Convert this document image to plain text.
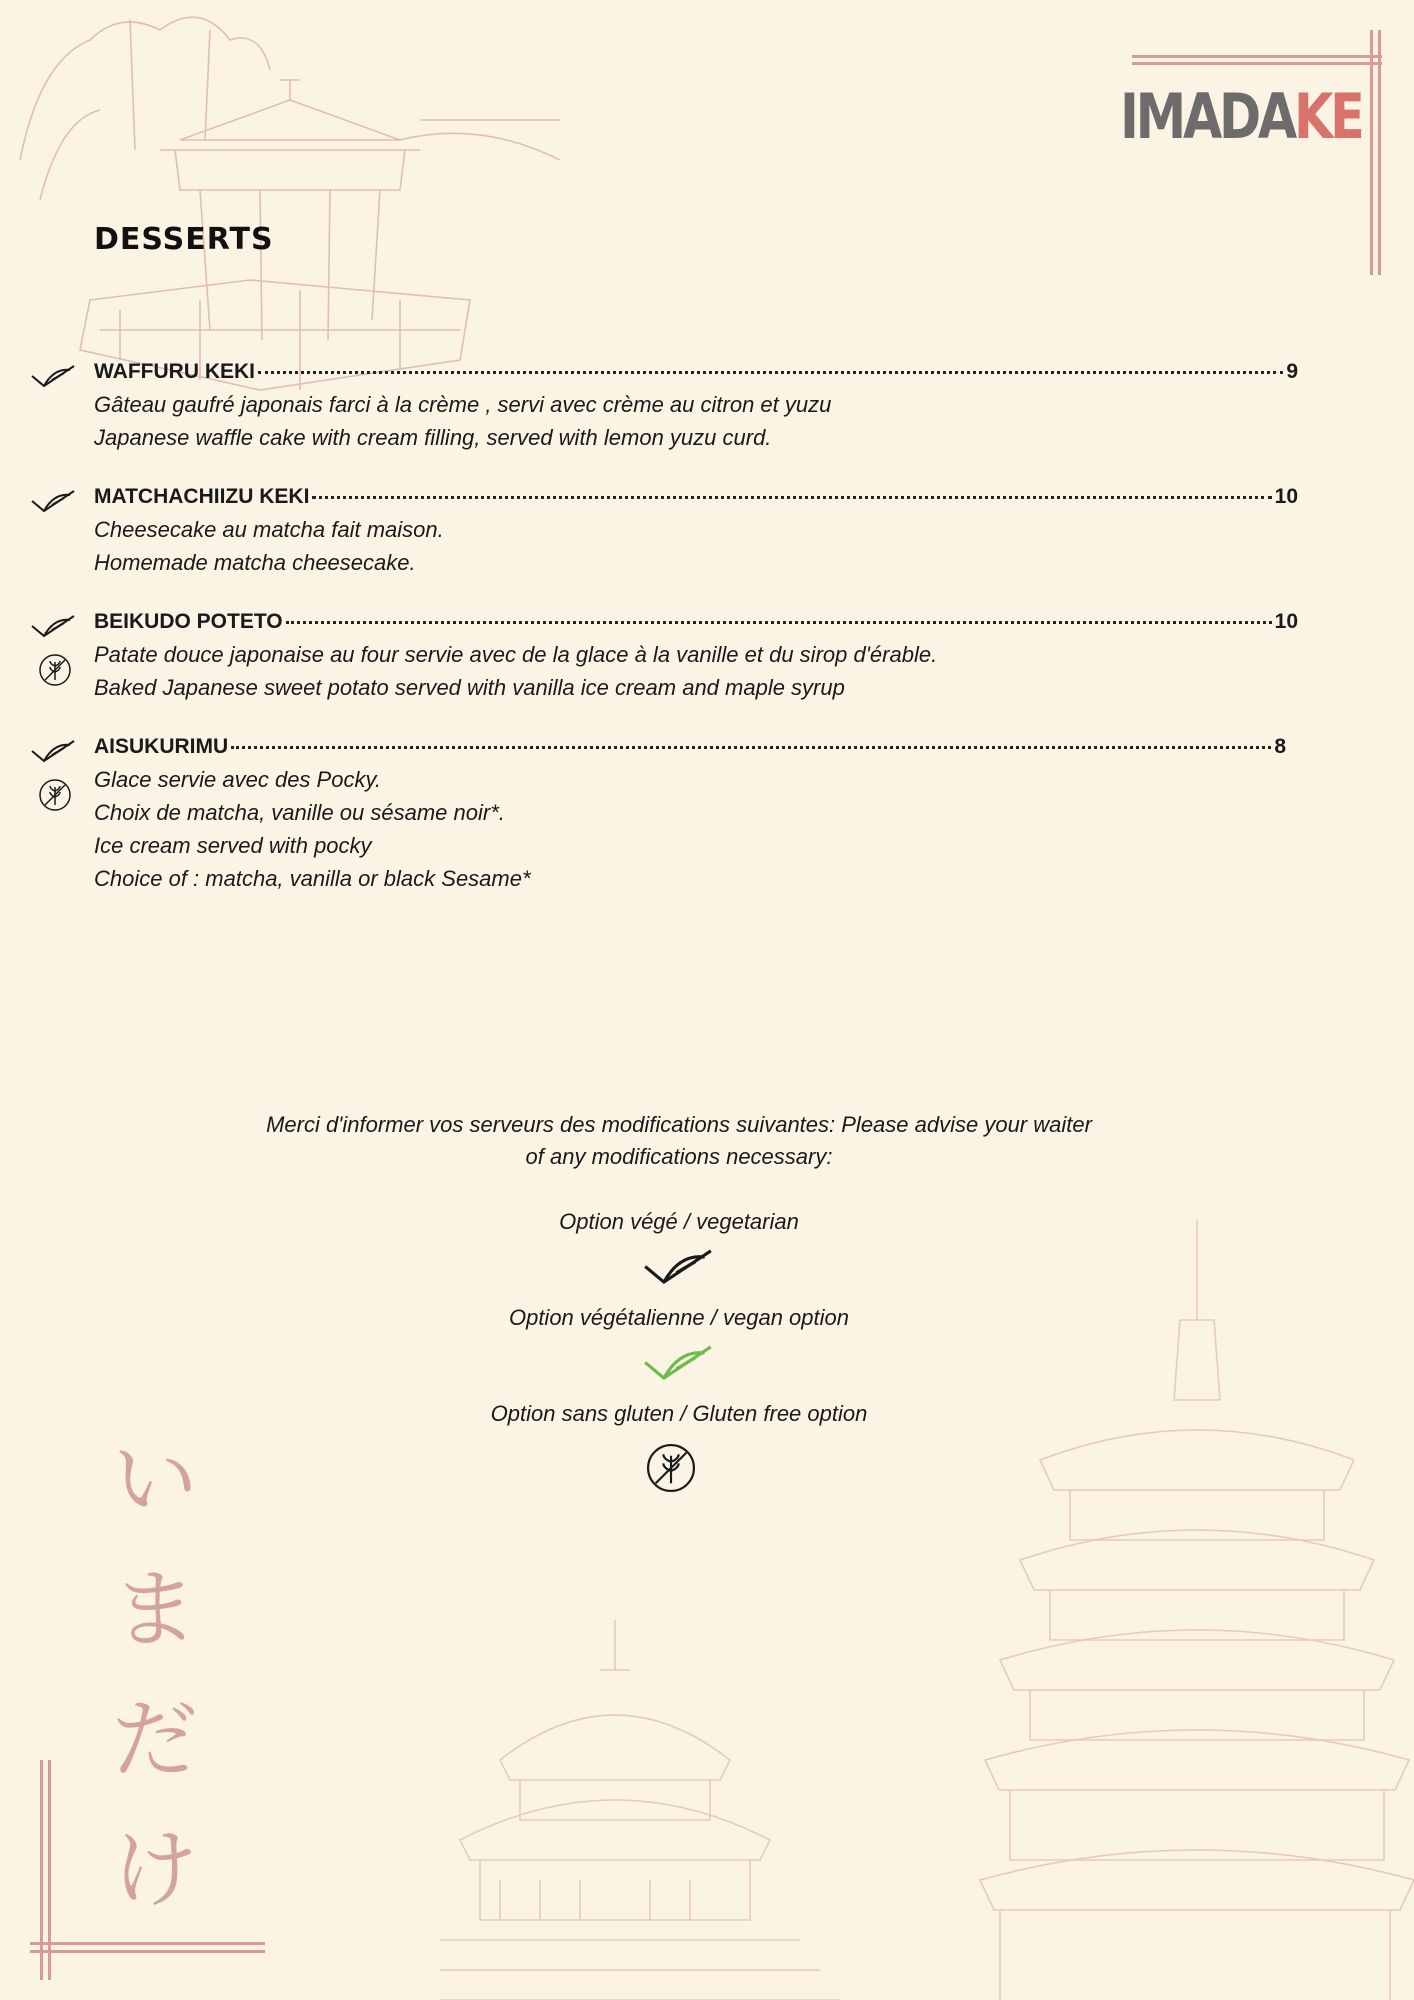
IMADAKE
DESSERTS
WAFFURU KEKI	9
Gâteau gaufré japonais farci à la crème , servi avec crème au citron et yuzu
Japanese waffle cake with cream filling, served with lemon yuzu curd.
MATCHACHIIZU KEKI	10
Cheesecake au matcha fait maison.
Homemade matcha cheesecake.
BEIKUDO POTETO	10
Patate douce japonaise au four servie avec de la glace à la vanille et du sirop d'érable.
Baked Japanese sweet potato served with vanilla ice cream and maple syrup
AISUKURIMU	8
Glace servie avec des Pocky.
Choix de matcha, vanille ou sésame noir*.
Ice cream served with pocky
Choice of : matcha, vanilla or black Sesame*
Merci d'informer vos serveurs des modifications suivantes: Please advise your waiter
of any modifications necessary:
Option végé / vegetarian
Option végétalienne / vegan option
Option sans gluten / Gluten free option
い
ま
だ
け
